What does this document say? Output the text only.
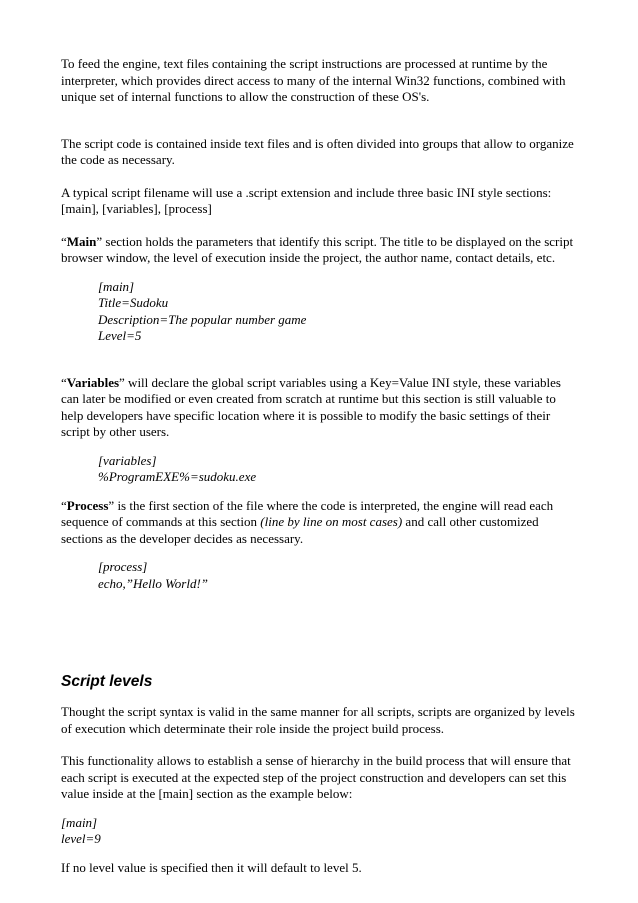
To feed the engine, text files containing the script instructions are processed at runtime by the interpreter, which provides direct access to many of the internal Win32 functions, combined with unique set of internal functions to allow the construction of these OS's.

The script code is contained inside text files and is often divided into groups that allow to organize the code as necessary.

A typical script filename will use a .script extension and include three basic INI style sections:
[main], [variables], [process]

“Main” section holds the parameters that identify this script. The title to be displayed on the script browser window, the level of execution inside the project, the author name, contact details, etc.

[main]
Title=Sudoku
Description=The popular number game
Level=5

“Variables” will declare the global script variables using a Key=Value INI style, these variables can later be modified or even created from scratch at runtime but this section is still valuable to help developers have specific location where it is possible to modify the basic settings of their script by other users.

[variables]
%ProgramEXE%=sudoku.exe

“Process” is the first section of the file where the code is interpreted, the engine will read each sequence of commands at this section (line by line on most cases) and call other customized sections as the developer decides as necessary.

[process]
echo,”Hello World!”
Script levels

Thought the script syntax is valid in the same manner for all scripts, scripts are organized by levels of execution which determinate their role inside the project build process.

This functionality allows to establish a sense of hierarchy in the build process that will ensure that each script is executed at the expected step of the project construction and developers can set this value inside at the [main] section as the example below:

[main]
level=9

If no level value is specified then it will default to level 5.
